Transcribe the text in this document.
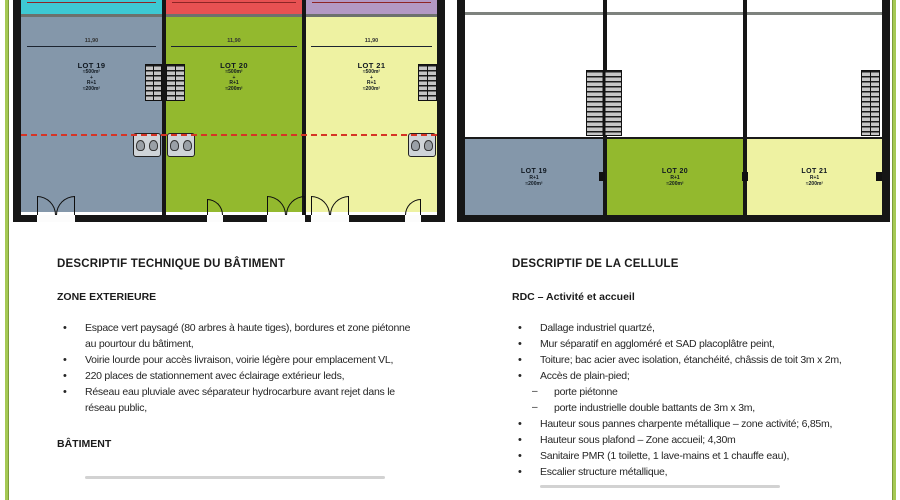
11,90
LOT 19
≈500m²
+
R+1
≈200m²
11,90
LOT 20
≈500m²
+
R+1
≈200m²
11,90
LOT 21
≈500m²
+
R+1
≈200m²
LOT 19
R+1
≈200m²
LOT 20
R+1
≈200m²
LOT 21
R+1
≈200m²
DESCRIPTIF TECHNIQUE DU BÂTIMENT
ZONE EXTERIEURE
• Espace vert paysagé (80 arbres à haute tiges), bordures et zone piétonne au pourtour du bâtiment,
• Voirie lourde pour accès livraison, voirie légère pour emplacement VL,
• 220 places de stationnement avec éclairage extérieur leds,
• Réseau eau pluviale avec séparateur hydrocarbure avant rejet dans le réseau public,
BÂTIMENT
DESCRIPTIF DE LA CELLULE
RDC – Activité et accueil
• Dallage industriel quartzé,
• Mur séparatif en aggloméré et SAD placoplâtre peint,
• Toiture; bac acier avec isolation, étanchéité, châssis de toit 3m x 2m,
• Accès de plain-pied;
– porte piétonne
– porte industrielle double battants de 3m x 3m,
• Hauteur sous pannes charpente métallique – zone activité; 6,85m,
• Hauteur sous plafond – Zone accueil; 4,30m
• Sanitaire PMR (1 toilette, 1 lave-mains et 1 chauffe eau),
• Escalier structure métallique,
